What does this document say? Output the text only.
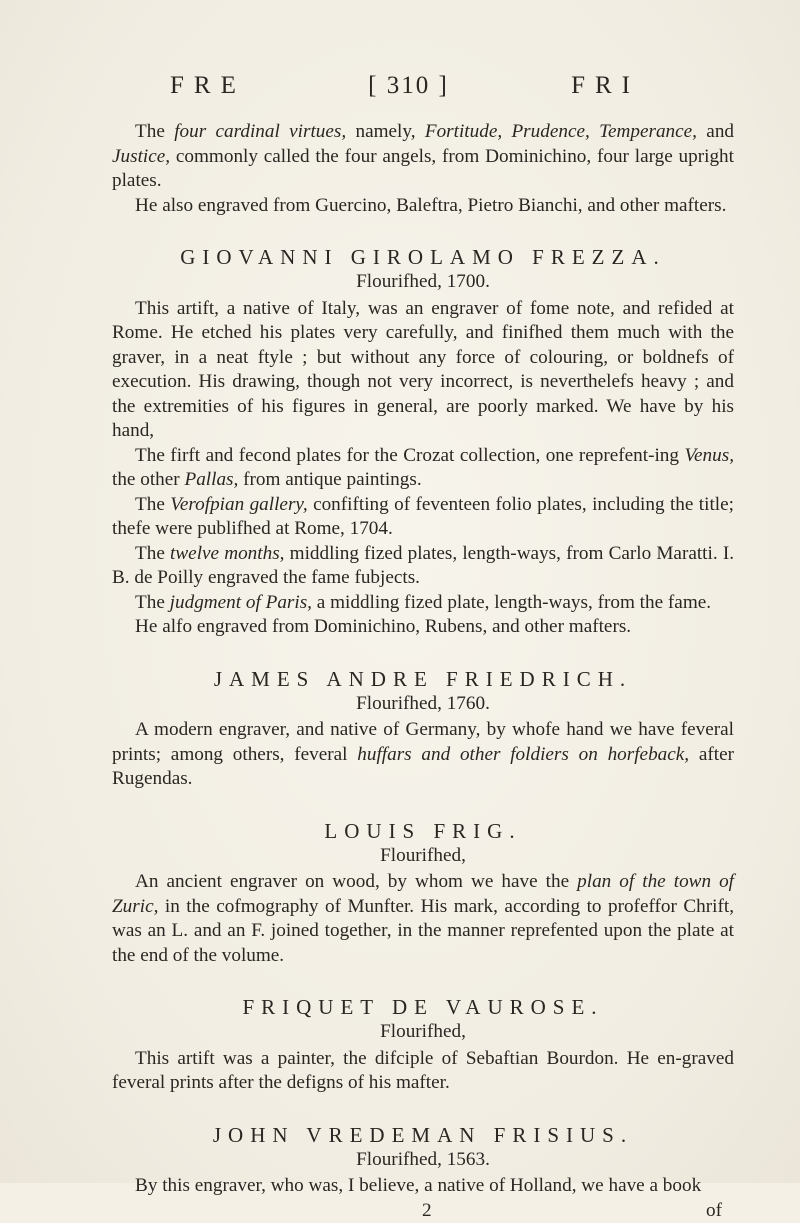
FRE	[ 310 ]	FRI

The four cardinal virtues, namely, Fortitude, Prudence, Temperance, and Justice, commonly called the four angels, from Dominichino, four large upright plates.

He also engraved from Guercino, Baleftra, Pietro Bianchi, and other mafters.

GIOVANNI GIROLAMO FREZZA.
Flourifhed, 1700.

This artift, a native of Italy, was an engraver of fome note, and refided at Rome. He etched his plates very carefully, and finifhed them much with the graver, in a neat ftyle ; but without any force of colouring, or boldnefs of execution. His drawing, though not very incorrect, is neverthelefs heavy ; and the extremities of his figures in general, are poorly marked. We have by his hand,

The firft and fecond plates for the Crozat collection, one reprefent-ing Venus, the other Pallas, from antique paintings.

The Verofpian gallery, confifting of feventeen folio plates, including the title; thefe were publifhed at Rome, 1704.

The twelve months, middling fized plates, length-ways, from Carlo Maratti. I. B. de Poilly engraved the fame fubjects.

The judgment of Paris, a middling fized plate, length-ways, from the fame.

He alfo engraved from Dominichino, Rubens, and other mafters.

JAMES ANDRE FRIEDRICH.
Flourifhed, 1760.

A modern engraver, and native of Germany, by whofe hand we have feveral prints; among others, feveral huffars and other foldiers on horfeback, after Rugendas.

LOUIS FRIG.
Flourifhed,

An ancient engraver on wood, by whom we have the plan of the town of Zuric, in the cofmography of Munfter. His mark, according to profeffor Chrift, was an L. and an F. joined together, in the manner reprefented upon the plate at the end of the volume.

FRIQUET DE VAUROSE.
Flourifhed,

This artift was a painter, the difciple of Sebaftian Bourdon. He en-graved feveral prints after the defigns of his mafter.

JOHN VREDEMAN FRISIUS.
Flourifhed, 1563.

By this engraver, who was, I believe, a native of Holland, we have a book

2	of
